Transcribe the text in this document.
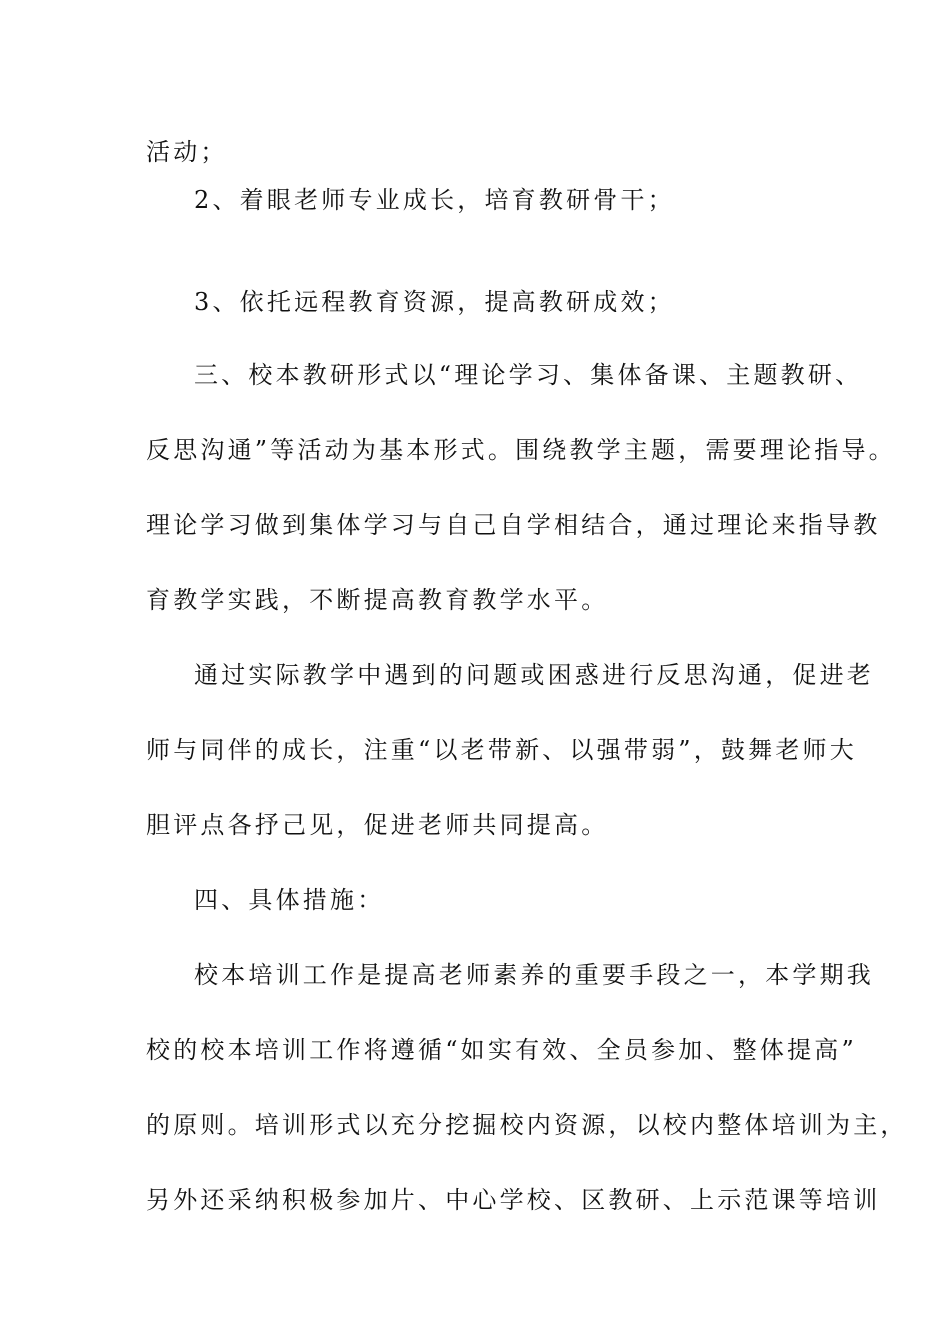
活动；
2、着眼老师专业成长，培育教研骨干；
3、依托远程教育资源，提高教研成效；
三、校本教研形式以“理论学习、集体备课、主题教研、
反思沟通”等活动为基本形式。围绕教学主题，需要理论指导。
理论学习做到集体学习与自己自学相结合，通过理论来指导教
育教学实践，不断提高教育教学水平。
通过实际教学中遇到的问题或困惑进行反思沟通，促进老
师与同伴的成长，注重“以老带新、以强带弱”，鼓舞老师大
胆评点各抒己见，促进老师共同提高。
四、具体措施：
校本培训工作是提高老师素养的重要手段之一，本学期我
校的校本培训工作将遵循“如实有效、全员参加、整体提高”
的原则。培训形式以充分挖掘校内资源，以校内整体培训为主，
另外还采纳积极参加片、中心学校、区教研、上示范课等培训
